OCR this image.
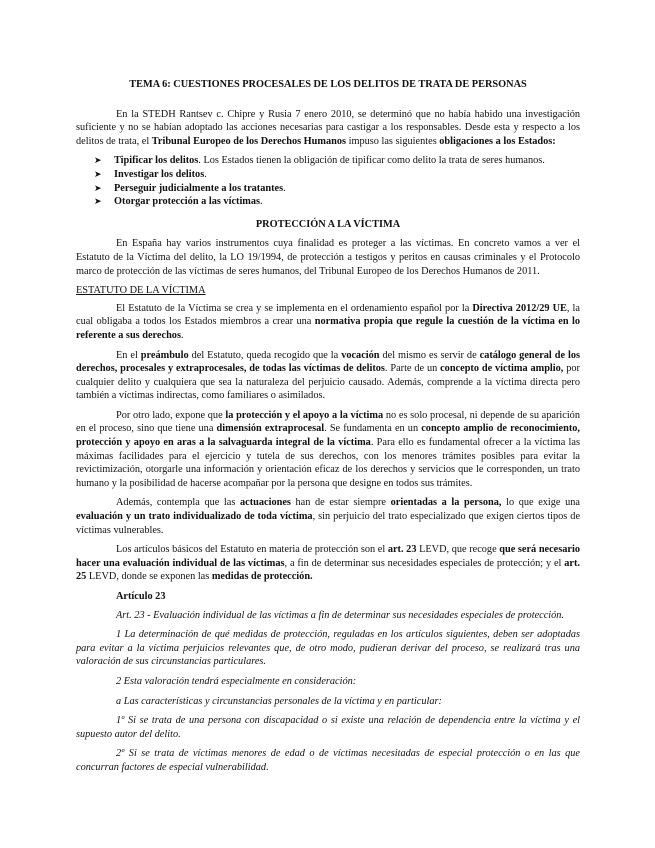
TEMA 6: CUESTIONES PROCESALES DE LOS DELITOS DE TRATA DE PERSONAS

En la STEDH Rantsev c. Chipre y Rusia 7 enero 2010, se determinó que no había habido una investigación suficiente y no se habían adoptado las acciones necesarias para castigar a los responsables. Desde esta y respecto a los delitos de trata, el Tribunal Europeo de los Derechos Humanos impuso las siguientes obligaciones a los Estados:

➤ Tipificar los delitos. Los Estados tienen la obligación de tipificar como delito la trata de seres humanos.
➤ Investigar los delitos.
➤ Perseguir judicialmente a los tratantes.
➤ Otorgar protección a las víctimas.

PROTECCIÓN A LA VÍCTIMA

En España hay varios instrumentos cuya finalidad es proteger a las víctimas. En concreto vamos a ver el Estatuto de la Víctima del delito, la LO 19/1994, de protección a testigos y peritos en causas criminales y el Protocolo marco de protección de las víctimas de seres humanos, del Tribunal Europeo de los Derechos Humanos de 2011.

ESTATUTO DE LA VÍCTIMA

El Estatuto de la Víctima se crea y se implementa en el ordenamiento español por la Directiva 2012/29 UE, la cual obligaba a todos los Estados miembros a crear una normativa propia que regule la cuestión de la víctima en lo referente a sus derechos.

En el preámbulo del Estatuto, queda recogido que la vocación del mismo es servir de catálogo general de los derechos, procesales y extraprocesales, de todas las víctimas de delitos. Parte de un concepto de víctima amplio, por cualquier delito y cualquiera que sea la naturaleza del perjuicio causado. Además, comprende a la víctima directa pero también a víctimas indirectas, como familiares o asimilados.

Por otro lado, expone que la protección y el apoyo a la víctima no es solo procesal, ni depende de su aparición en el proceso, sino que tiene una dimensión extraprocesal. Se fundamenta en un concepto amplio de reconocimiento, protección y apoyo en aras a la salvaguarda integral de la víctima. Para ello es fundamental ofrecer a la víctima las máximas facilidades para el ejercicio y tutela de sus derechos, con los menores trámites posibles para evitar la revictimización, otorgarle una información y orientación eficaz de los derechos y servicios que le corresponden, un trato humano y la posibilidad de hacerse acompañar por la persona que designe en todos sus trámites.

Además, contempla que las actuaciones han de estar siempre orientadas a la persona, lo que exige una evaluación y un trato individualizado de toda víctima, sin perjuicio del trato especializado que exigen ciertos tipos de víctimas vulnerables.

Los artículos básicos del Estatuto en materia de protección son el art. 23 LEVD, que recoge que será necesario hacer una evaluación individual de las víctimas, a fin de determinar sus necesidades especiales de protección; y el art. 25 LEVD, donde se exponen las medidas de protección.

Artículo 23

Art. 23 - Evaluación individual de las víctimas a fin de determinar sus necesidades especiales de protección.

1 La determinación de qué medidas de protección, reguladas en los artículos siguientes, deben ser adoptadas para evitar a la víctima perjuicios relevantes que, de otro modo, pudieran derivar del proceso, se realizará tras una valoración de sus circunstancias particulares.

2 Esta valoración tendrá especialmente en consideración:

a Las características y circunstancias personales de la víctima y en particular:

1º Si se trata de una persona con discapacidad o si existe una relación de dependencia entre la víctima y el supuesto autor del delito.

2º Si se trata de víctimas menores de edad o de víctimas necesitadas de especial protección o en las que concurran factores de especial vulnerabilidad.
